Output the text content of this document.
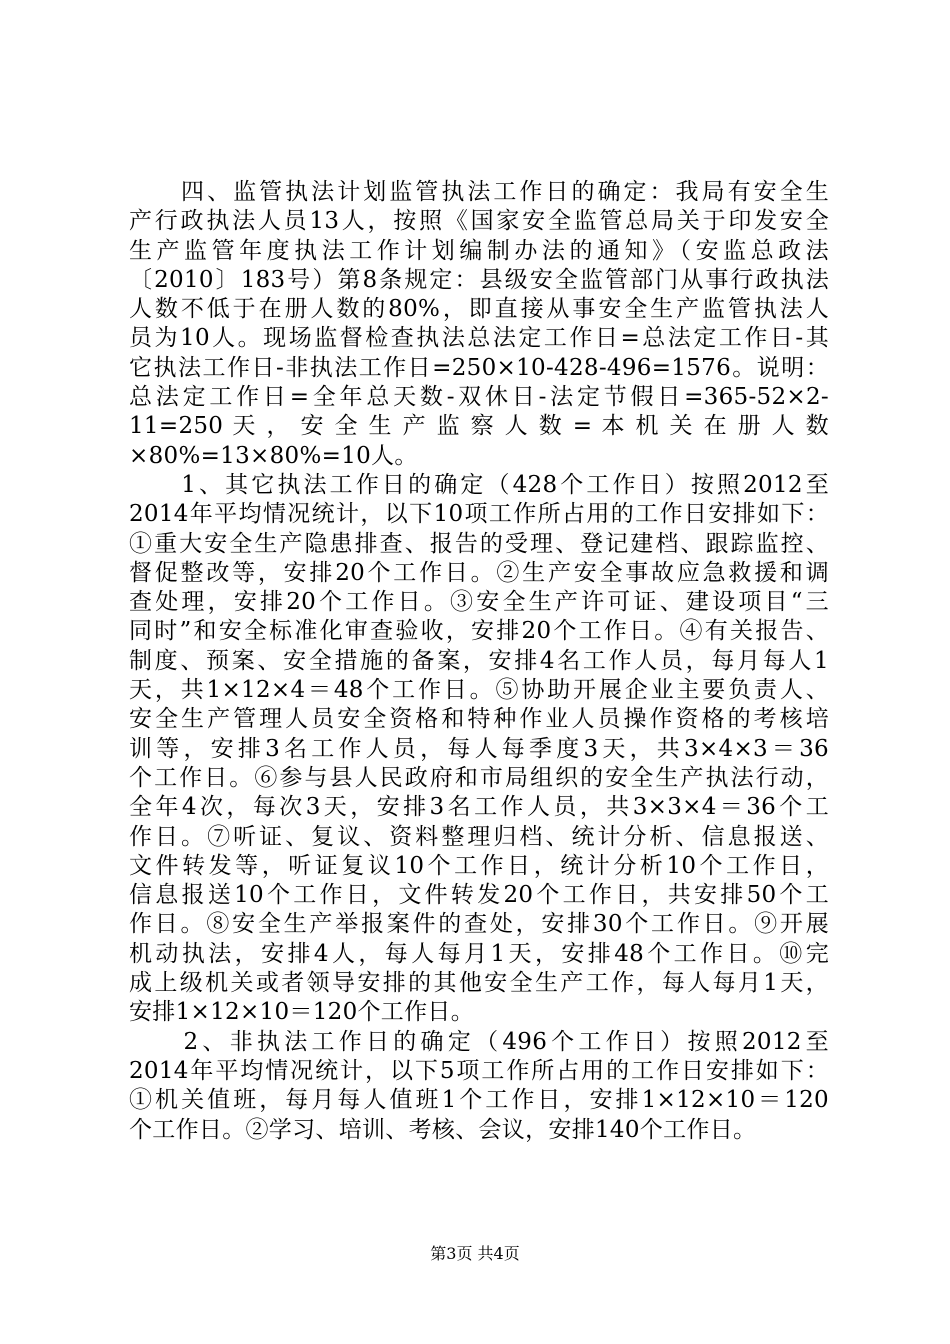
　　四、监管执法计划监管执法工作日的确定：我局有安全生
产行政执法人员13人，按照《国家安全监管总局关于印发安全
生产监管年度执法工作计划编制办法的通知》（安监总政法
〔2010〕183号）第8条规定：县级安全监管部门从事行政执法
人数不低于在册人数的80%，即直接从事安全生产监管执法人
员为10人。现场监督检查执法总法定工作日=总法定工作日-其
它执法工作日-非执法工作日=250×10-428-496=1576。说明：
总法定工作日=全年总天数-双休日-法定节假日=365-52×2-
11=250 天 ， 安 全 生 产 监 察 人 数 = 本 机 关 在 册 人 数
×80%=13×80%=10人。
　　1、其它执法工作日的确定（428个工作日）按照2012至
2014年平均情况统计，以下10项工作所占用的工作日安排如下：
①重大安全生产隐患排查、报告的受理、登记建档、跟踪监控、
督促整改等，安排20个工作日。②生产安全事故应急救援和调
查处理，安排20个工作日。③安全生产许可证、建设项目“三
同时”和安全标准化审查验收，安排20个工作日。④有关报告、
制度、预案、安全措施的备案，安排4名工作人员，每月每人1
天，共1×12×4＝48个工作日。⑤协助开展企业主要负责人、
安全生产管理人员安全资格和特种作业人员操作资格的考核培
训等，安排3名工作人员，每人每季度3天，共3×4×3＝36
个工作日。⑥参与县人民政府和市局组织的安全生产执法行动，
全年4次，每次3天，安排3名工作人员，共3×3×4＝36个工
作日。⑦听证、复议、资料整理归档、统计分析、信息报送、
文件转发等，听证复议10个工作日，统计分析10个工作日，
信息报送10个工作日，文件转发20个工作日，共安排50个工
作日。⑧安全生产举报案件的查处，安排30个工作日。⑨开展
机动执法，安排4人，每人每月1天，安排48个工作日。⑩完
成上级机关或者领导安排的其他安全生产工作，每人每月1天，
安排1×12×10＝120个工作日。
　　2、非执法工作日的确定（496个工作日）按照2012至
2014年平均情况统计，以下5项工作所占用的工作日安排如下：
①机关值班，每月每人值班1个工作日，安排1×12×10＝120
个工作日。②学习、培训、考核、会议，安排140个工作日。
第3页 共4页
